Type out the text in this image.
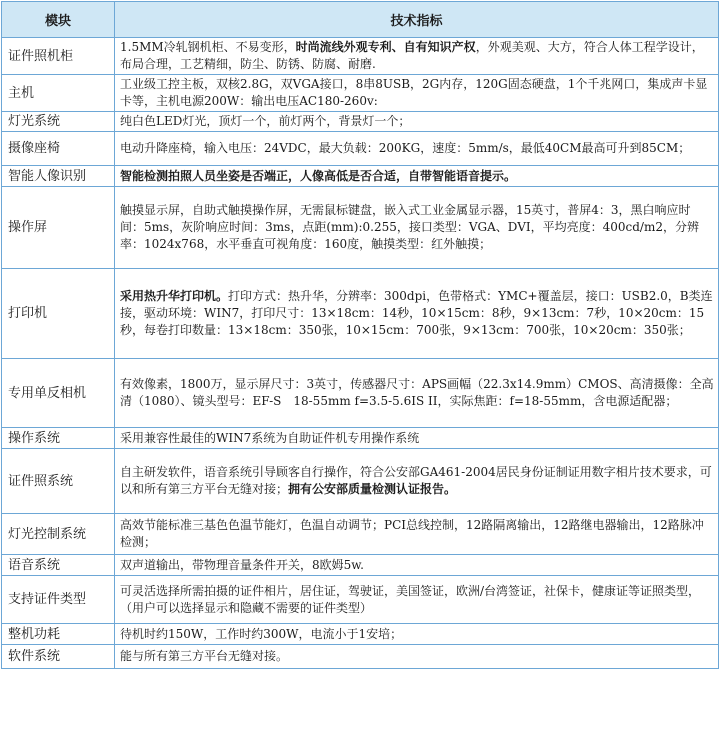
模块	技术指标
证件照机柜	1.5MM冷轧钢机柜、不易变形，时尚流线外观专利、自有知识产权，外观美观、大方，符合人体工程学设计，布局合理，工艺精细，防尘、防锈、防腐、耐磨.
主机	工业级工控主板，双核2.8G，双VGA接口，8串8USB，2G内存，120G固态硬盘，1个千兆网口，集成声卡显卡等，主机电源200W：输出电压AC180-260v:
灯光系统	纯白色LED灯光，顶灯一个，前灯两个，背景灯一个；
摄像座椅	电动升降座椅，输入电压：24VDC，最大负载：200KG，速度：5mm/s，最低40CM最高可升到85CM；
智能人像识别	智能检测拍照人员坐姿是否端正，人像高低是否合适，自带智能语音提示。
操作屏	触摸显示屏，自助式触摸操作屏，无需鼠标键盘，嵌入式工业金属显示器，15英寸，普屏4：3，黑白响应时间：5ms，灰阶响应时间：3ms，点距(mm):0.255，接口类型：VGA、DVI，平均亮度：400cd/m2，分辨率：1024x768，水平垂直可视角度：160度，触摸类型：红外触摸；
打印机	采用热升华打印机。打印方式：热升华，分辨率：300dpi，色带格式：YMC+覆盖层，接口：USB2.0，B类连接，驱动环境：WIN7，打印尺寸：13×18cm：14秒，10×15cm：8秒，9×13cm：7秒，10×20cm：15秒，每卷打印数量：13×18cm：350张，10×15cm：700张，9×13cm：700张，10×20cm：350张；
专用单反相机	有效像素，1800万，显示屏尺寸：3英寸，传感器尺寸：APS画幅（22.3x14.9mm）CMOS、高清摄像：全高清（1080）、镜头型号：EF-S　18-55mm f=3.5-5.6IS II，实际焦距：f=18-55mm，含电源适配器；
操作系统	采用兼容性最佳的WIN7系统为自助证件机专用操作系统
证件照系统	自主研发软件，语音系统引导顾客自行操作，符合公安部GA461-2004居民身份证制证用数字相片技术要求，可以和所有第三方平台无缝对接；拥有公安部质量检测认证报告。
灯光控制系统	高效节能标准三基色色温节能灯，色温自动调节；PCI总线控制，12路隔离输出，12路继电器输出，12路脉冲检测；
语音系统	双声道输出，带物理音量条件开关，8欧姆5w.
支持证件类型	可灵活选择所需拍摄的证件相片，居住证，驾驶证，美国签证，欧洲/台湾签证，社保卡，健康证等证照类型，（用户可以选择显示和隐藏不需要的证件类型）
整机功耗	待机时约150W，工作时约300W，电流小于1安培；
软件系统	能与所有第三方平台无缝对接。
